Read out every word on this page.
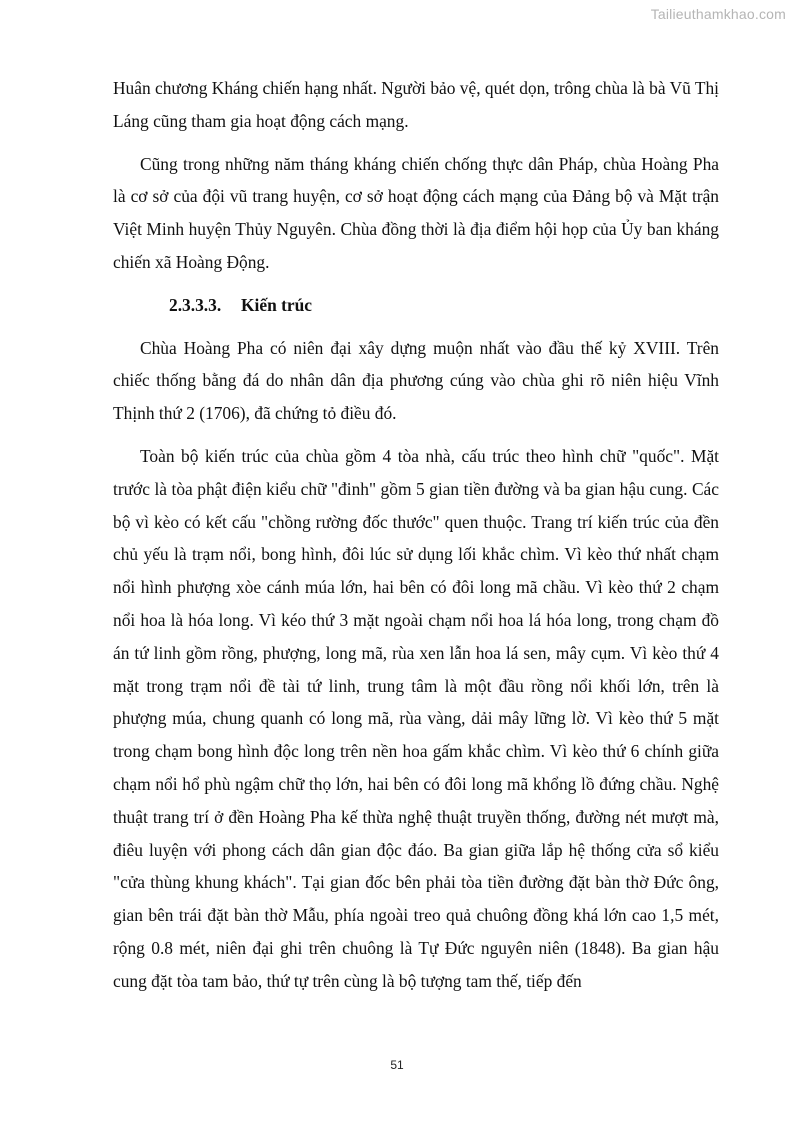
Tailieuthamkhao.com

Huân chương Kháng chiến hạng nhất. Người bảo vệ, quét dọn, trông chùa là bà Vũ Thị Láng cũng tham gia hoạt động cách mạng.

Cũng trong những năm tháng kháng chiến chống thực dân Pháp, chùa Hoàng Pha là cơ sở của đội vũ trang huyện, cơ sở hoạt động cách mạng của Đảng bộ và Mặt trận Việt Minh huyện Thủy Nguyên. Chùa đồng thời là địa điểm hội họp của Ủy ban kháng chiến xã Hoàng Động.

2.3.3.3. Kiến trúc

Chùa Hoàng Pha có niên đại xây dựng muộn nhất vào đầu thế kỷ XVIII. Trên chiếc thống bằng đá do nhân dân địa phương cúng vào chùa ghi rõ niên hiệu Vĩnh Thịnh thứ 2 (1706), đã chứng tỏ điều đó.

Toàn bộ kiến trúc của chùa gồm 4 tòa nhà, cấu trúc theo hình chữ "quốc". Mặt trước là tòa phật điện kiểu chữ "đinh" gồm 5 gian tiền đường và ba gian hậu cung. Các bộ vì kèo có kết cấu "chồng rường đốc thước" quen thuộc. Trang trí kiến trúc của đền chủ yếu là trạm nổi, bong hình, đôi lúc sử dụng lối khắc chìm. Vì kèo thứ nhất chạm nổi hình phượng xòe cánh múa lớn, hai bên có đôi long mã chầu. Vì kèo thứ 2 chạm nổi hoa là hóa long. Vì kéo thứ 3 mặt ngoài chạm nổi hoa lá hóa long, trong chạm đồ án tứ linh gồm rồng, phượng, long mã, rùa xen lẫn hoa lá sen, mây cụm. Vì kèo thứ 4 mặt trong trạm nổi đề tài tứ linh, trung tâm là một đầu rồng nổi khối lớn, trên là phượng múa, chung quanh có long mã, rùa vàng, dải mây lững lờ. Vì kèo thứ 5 mặt trong chạm bong hình độc long trên nền hoa gấm khắc chìm. Vì kèo thứ 6 chính giữa chạm nổi hổ phù ngậm chữ thọ lớn, hai bên có đôi long mã khổng lồ đứng chầu. Nghệ thuật trang trí ở đền Hoàng Pha kế thừa nghệ thuật truyền thống, đường nét mượt mà, điêu luyện với phong cách dân gian độc đáo. Ba gian giữa lắp hệ thống cửa sổ kiểu "cửa thùng khung khách". Tại gian đốc bên phải tòa tiền đường đặt bàn thờ Đức ông, gian bên trái đặt bàn thờ Mẫu, phía ngoài treo quả chuông đồng khá lớn cao 1,5 mét, rộng 0.8 mét, niên đại ghi trên chuông là Tự Đức nguyên niên (1848). Ba gian hậu cung đặt tòa tam bảo, thứ tự trên cùng là bộ tượng tam thế, tiếp đến

51
